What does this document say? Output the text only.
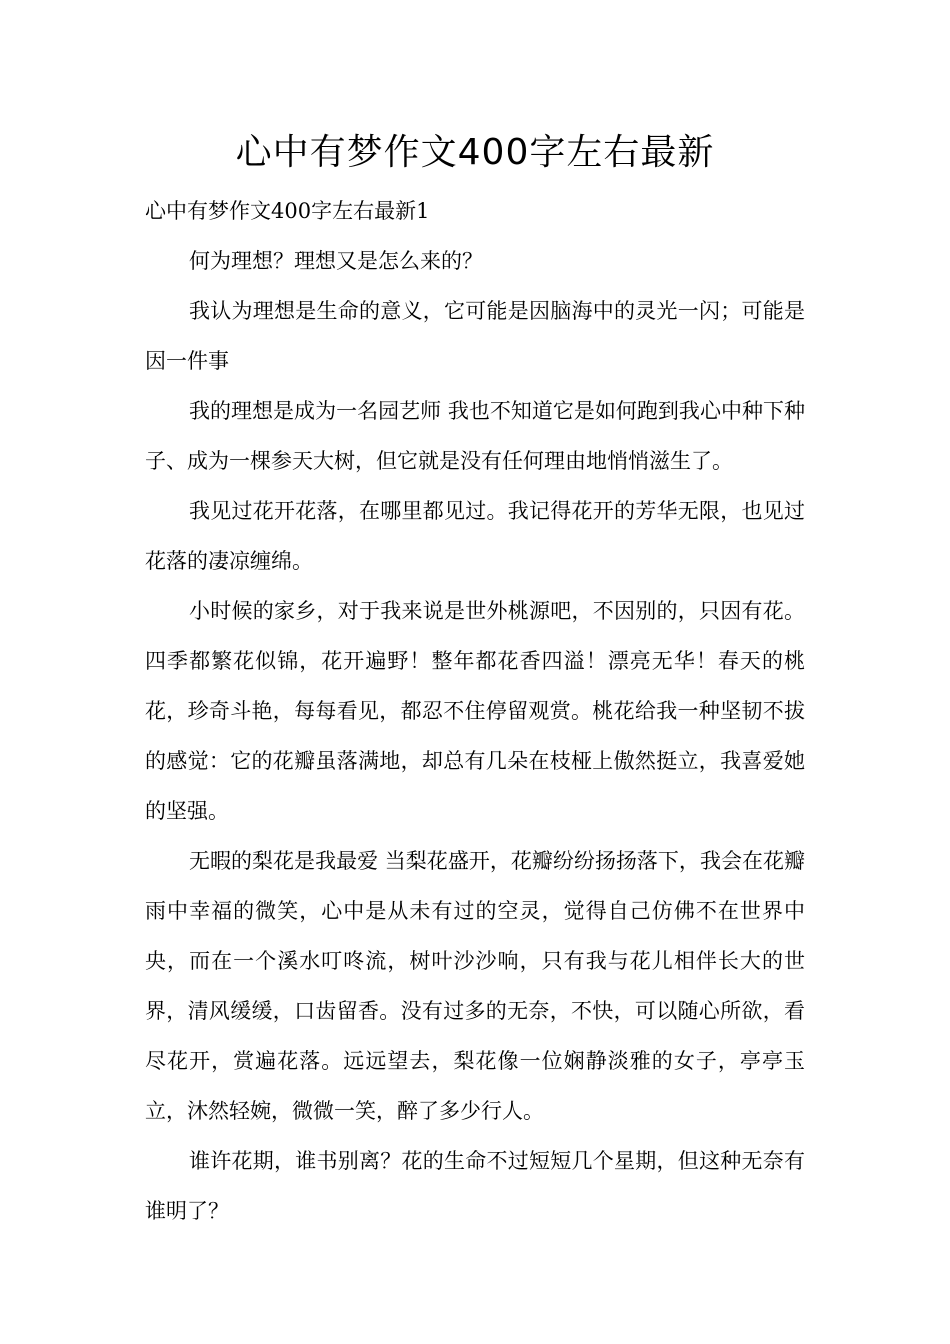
心中有梦作文400字左右最新

心中有梦作文400字左右最新1

何为理想？理想又是怎么来的？

我认为理想是生命的意义，它可能是因脑海中的灵光一闪；可能是因一件事

我的理想是成为一名园艺师 我也不知道它是如何跑到我心中种下种子、成为一棵参天大树，但它就是没有任何理由地悄悄滋生了。

我见过花开花落，在哪里都见过。我记得花开的芳华无限，也见过花落的凄凉缠绵。

小时候的家乡，对于我来说是世外桃源吧，不因别的，只因有花。四季都繁花似锦，花开遍野！整年都花香四溢！漂亮无华！春天的桃花，珍奇斗艳，每每看见，都忍不住停留观赏。桃花给我一种坚韧不拔的感觉：它的花瓣虽落满地，却总有几朵在枝桠上傲然挺立，我喜爱她的坚强。

无暇的梨花是我最爱 当梨花盛开，花瓣纷纷扬扬落下，我会在花瓣雨中幸福的微笑，心中是从未有过的空灵，觉得自己仿佛不在世界中央，而在一个溪水叮咚流，树叶沙沙响，只有我与花儿相伴长大的世界，清风缓缓，口齿留香。没有过多的无奈，不快，可以随心所欲，看尽花开，赏遍花落。远远望去，梨花像一位娴静淡雅的女子，亭亭玉立，沐然轻婉，微微一笑，醉了多少行人。

谁许花期，谁书别离？花的生命不过短短几个星期，但这种无奈有谁明了？
